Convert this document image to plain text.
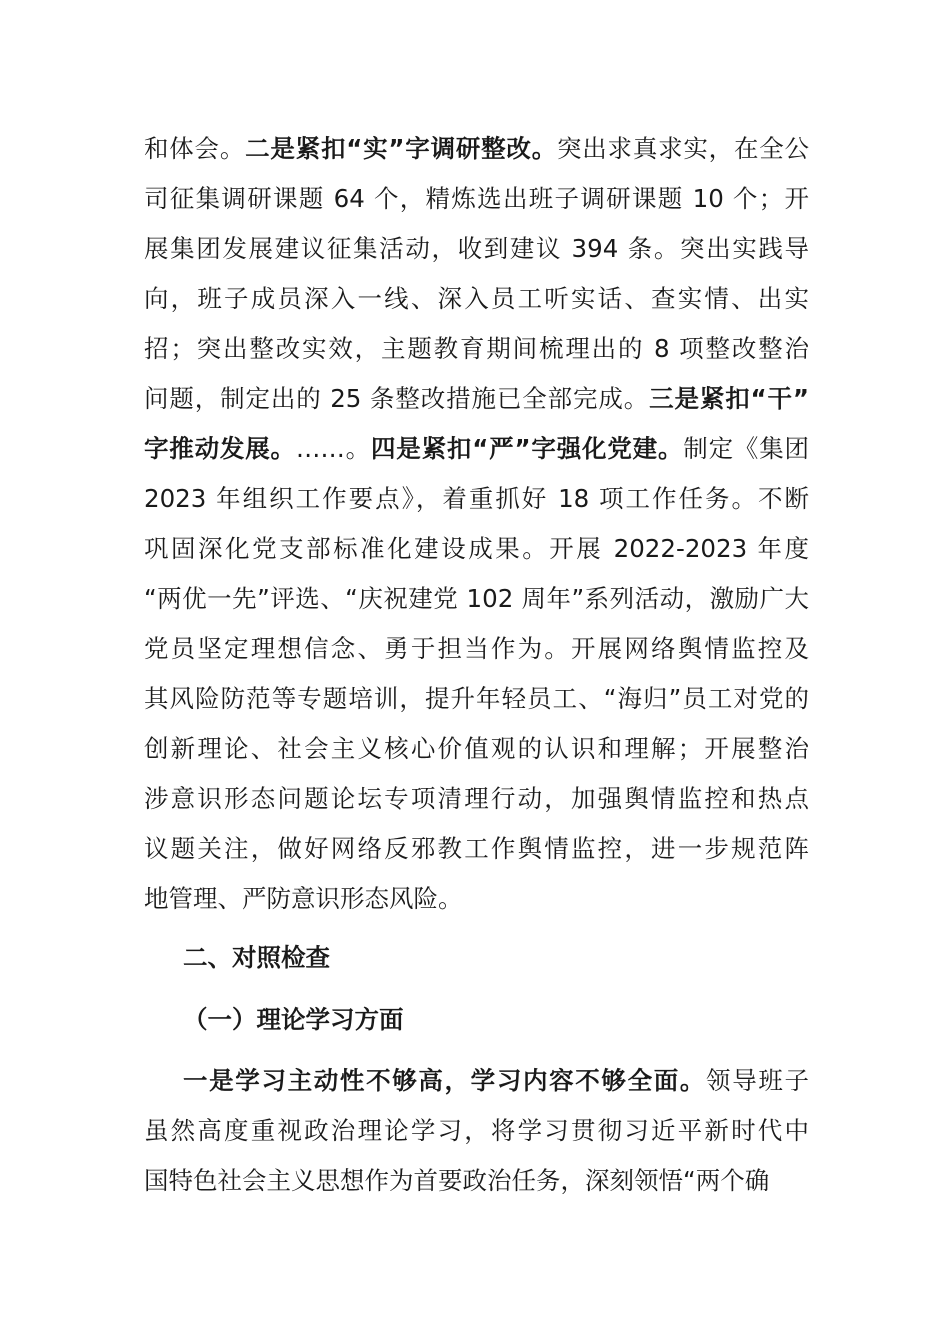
和体会。二是紧扣“实”字调研整改。突出求真求实，在全公
司征集调研课题 64 个，精炼选出班子调研课题 10 个；开
展集团发展建议征集活动，收到建议 394 条。突出实践导
向，班子成员深入一线、深入员工听实话、查实情、出实
招；突出整改实效，主题教育期间梳理出的 8 项整改整治
问题，制定出的 25 条整改措施已全部完成。三是紧扣“干”
字推动发展。……。四是紧扣“严”字强化党建。制定《集团
2023 年组织工作要点》，着重抓好 18 项工作任务。不断
巩固深化党支部标准化建设成果。开展 2022-2023 年度
“两优一先”评选、“庆祝建党 102 周年”系列活动，激励广大
党员坚定理想信念、勇于担当作为。开展网络舆情监控及
其风险防范等专题培训，提升年轻员工、“海归”员工对党的
创新理论、社会主义核心价值观的认识和理解；开展整治
涉意识形态问题论坛专项清理行动，加强舆情监控和热点
议题关注，做好网络反邪教工作舆情监控，进一步规范阵
地管理、严防意识形态风险。
二、对照检查
（一）理论学习方面
一是学习主动性不够高，学习内容不够全面。领导班子
虽然高度重视政治理论学习，将学习贯彻习近平新时代中
国特色社会主义思想作为首要政治任务，深刻领悟“两个确
